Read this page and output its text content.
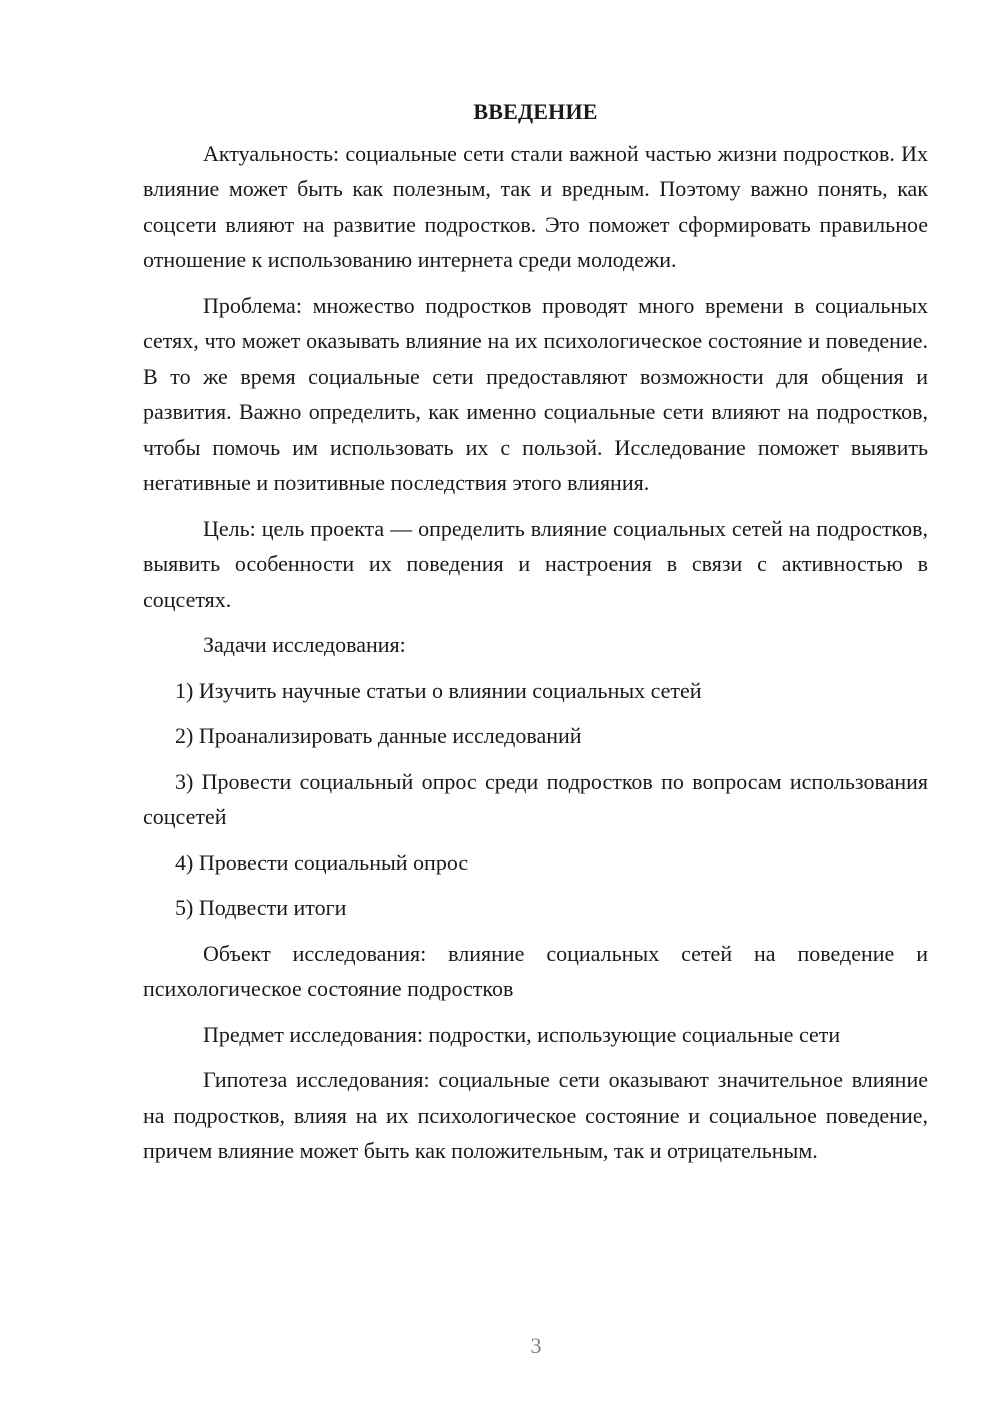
ВВЕДЕНИЕ

Актуальность: социальные сети стали важной частью жизни подростков. Их влияние может быть как полезным, так и вредным. Поэтому важно понять, как соцсети влияют на развитие подростков. Это поможет сформировать правильное отношение к использованию интернета среди молодежи.

Проблема: множество подростков проводят много времени в социальных сетях, что может оказывать влияние на их психологическое состояние и поведение. В то же время социальные сети предоставляют возможности для общения и развития. Важно определить, как именно социальные сети влияют на подростков, чтобы помочь им использовать их с пользой. Исследование поможет выявить негативные и позитивные последствия этого влияния.

Цель: цель проекта — определить влияние социальных сетей на подростков, выявить особенности их поведения и настроения в связи с активностью в соцсетях.

Задачи исследования:

1) Изучить научные статьи о влиянии социальных сетей

2) Проанализировать данные исследований

3) Провести социальный опрос среди подростков по вопросам использования соцсетей

4) Провести социальный опрос

5) Подвести итоги

Объект исследования: влияние социальных сетей на поведение и психологическое состояние подростков

Предмет исследования: подростки, использующие социальные сети

Гипотеза исследования: социальные сети оказывают значительное влияние на подростков, влияя на их психологическое состояние и социальное поведение, причем влияние может быть как положительным, так и отрицательным.

3
